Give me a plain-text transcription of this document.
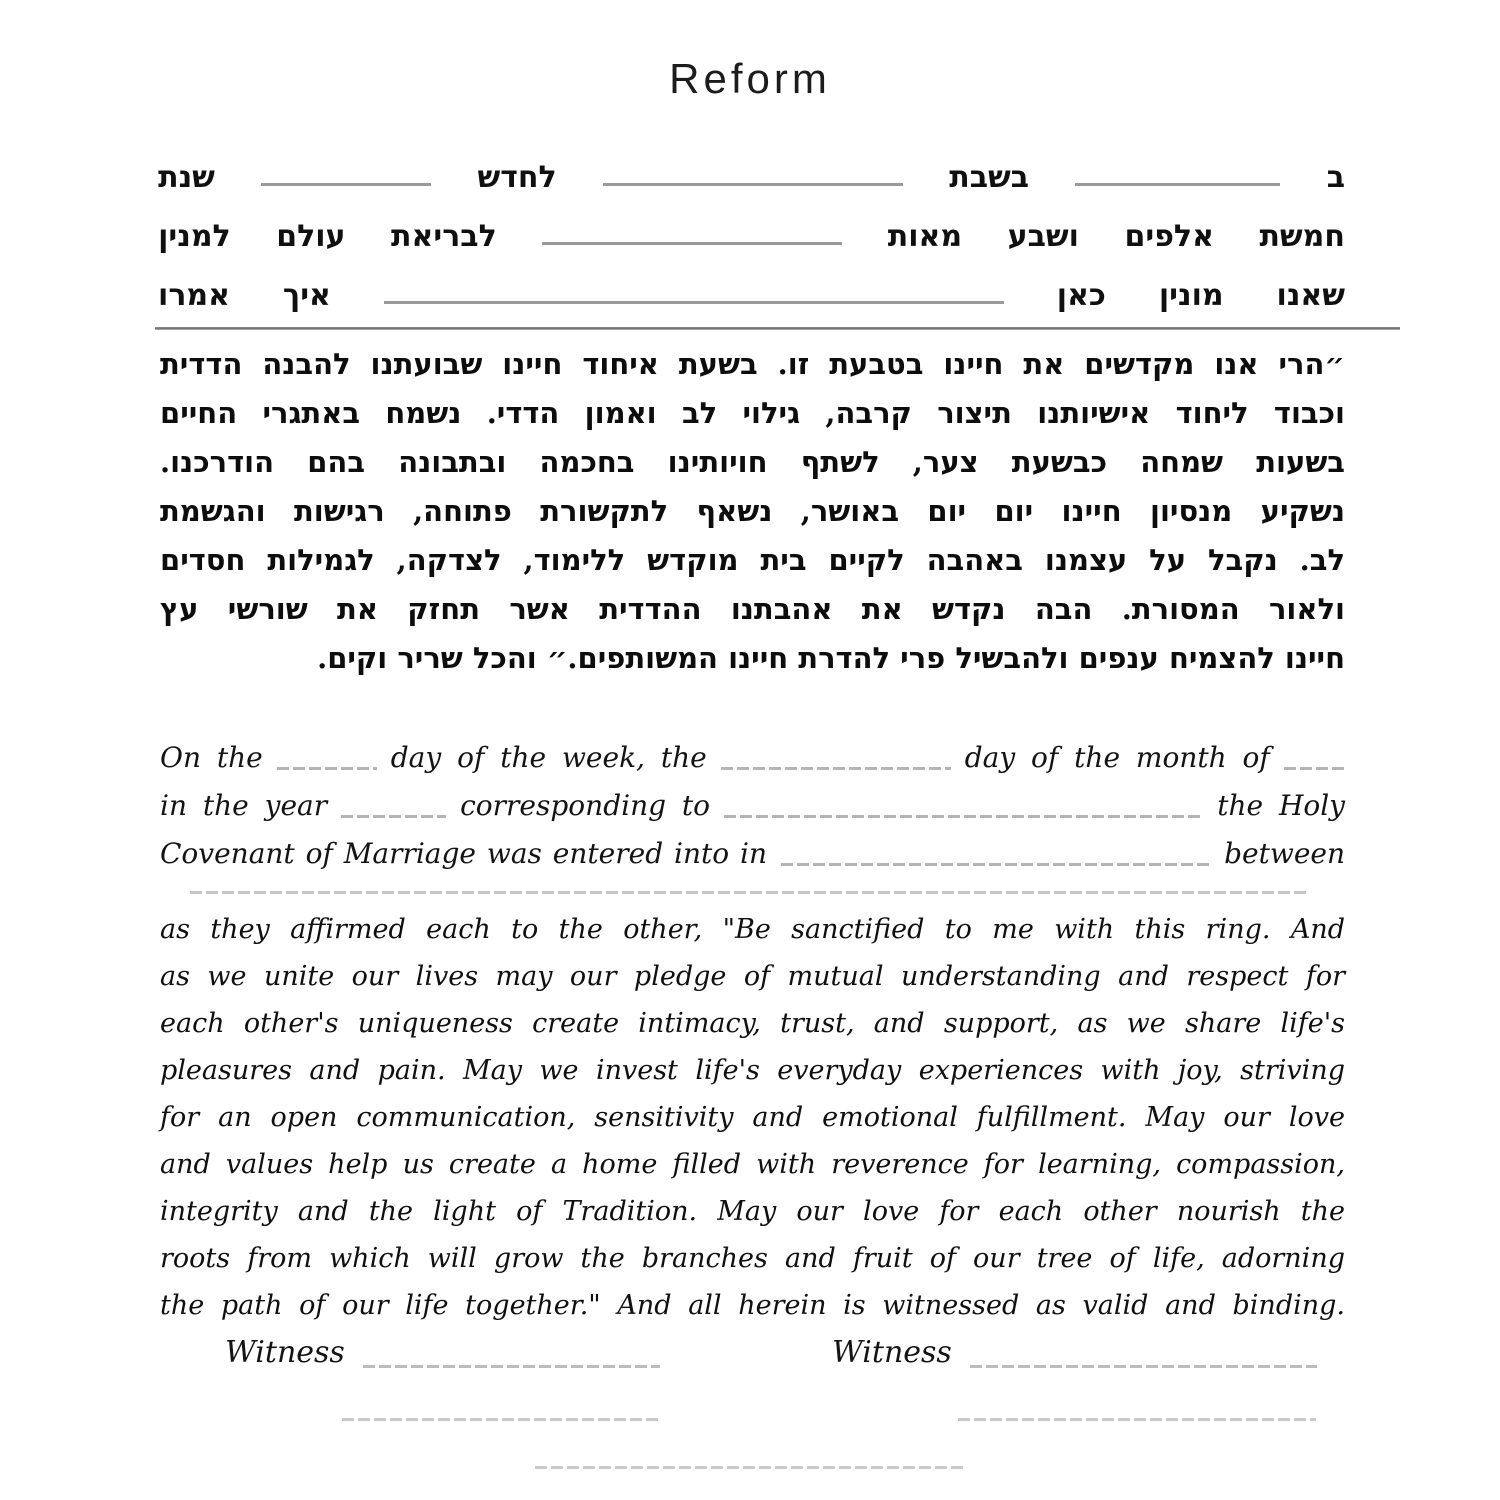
Reform
ב
בשבת
לחדש
שנת
חמשת
אלפים
ושבע
מאות
לבריאת
עולם
למנין
שאנו
מונין
כאן
איך
אמרו
״הרי אנו מקדשים את חיינו בטבעת זו. בשעת איחוד חיינו שבועתנו להבנה הדדית
וכבוד ליחוד אישיותנו תיצור קרבה, גילוי לב ואמון הדדי. נשמח באתגרי החיים
בשעות שמחה כבשעת צער, לשתף חויותינו בחכמה ובתבונה בהם הודרכנו.
נשקיע מנסיון חיינו יום יום באושר, נשאף לתקשורת פתוחה, רגישות והגשמת
לב. נקבל על עצמנו באהבה לקיים בית מוקדש ללימוד, לצדקה, לגמילות חסדים
ולאור המסורת. הבה נקדש את אהבתנו ההדדית אשר תחזק את שורשי עץ
חיינו להצמיח ענפים ולהבשיל פרי להדרת חיינו המשותפים.״ והכל שריר וקים.
On the	day of the week, the	day of the month of
in the year	corresponding to	the Holy
Covenant of Marriage was entered into in	between
as they affirmed each to the other, "Be sanctified to me with this ring. And
as we unite our lives may our pledge of mutual understanding and respect for
each other's uniqueness create intimacy, trust, and support, as we share life's
pleasures and pain. May we invest life's everyday experiences with joy, striving
for an open communication, sensitivity and emotional fulfillment. May our love
and values help us create a home filled with reverence for learning, compassion,
integrity and the light of Tradition. May our love for each other nourish the
roots from which will grow the branches and fruit of our tree of life, adorning
the path of our life together." And all herein is witnessed as valid and binding.
Witness	Witness
